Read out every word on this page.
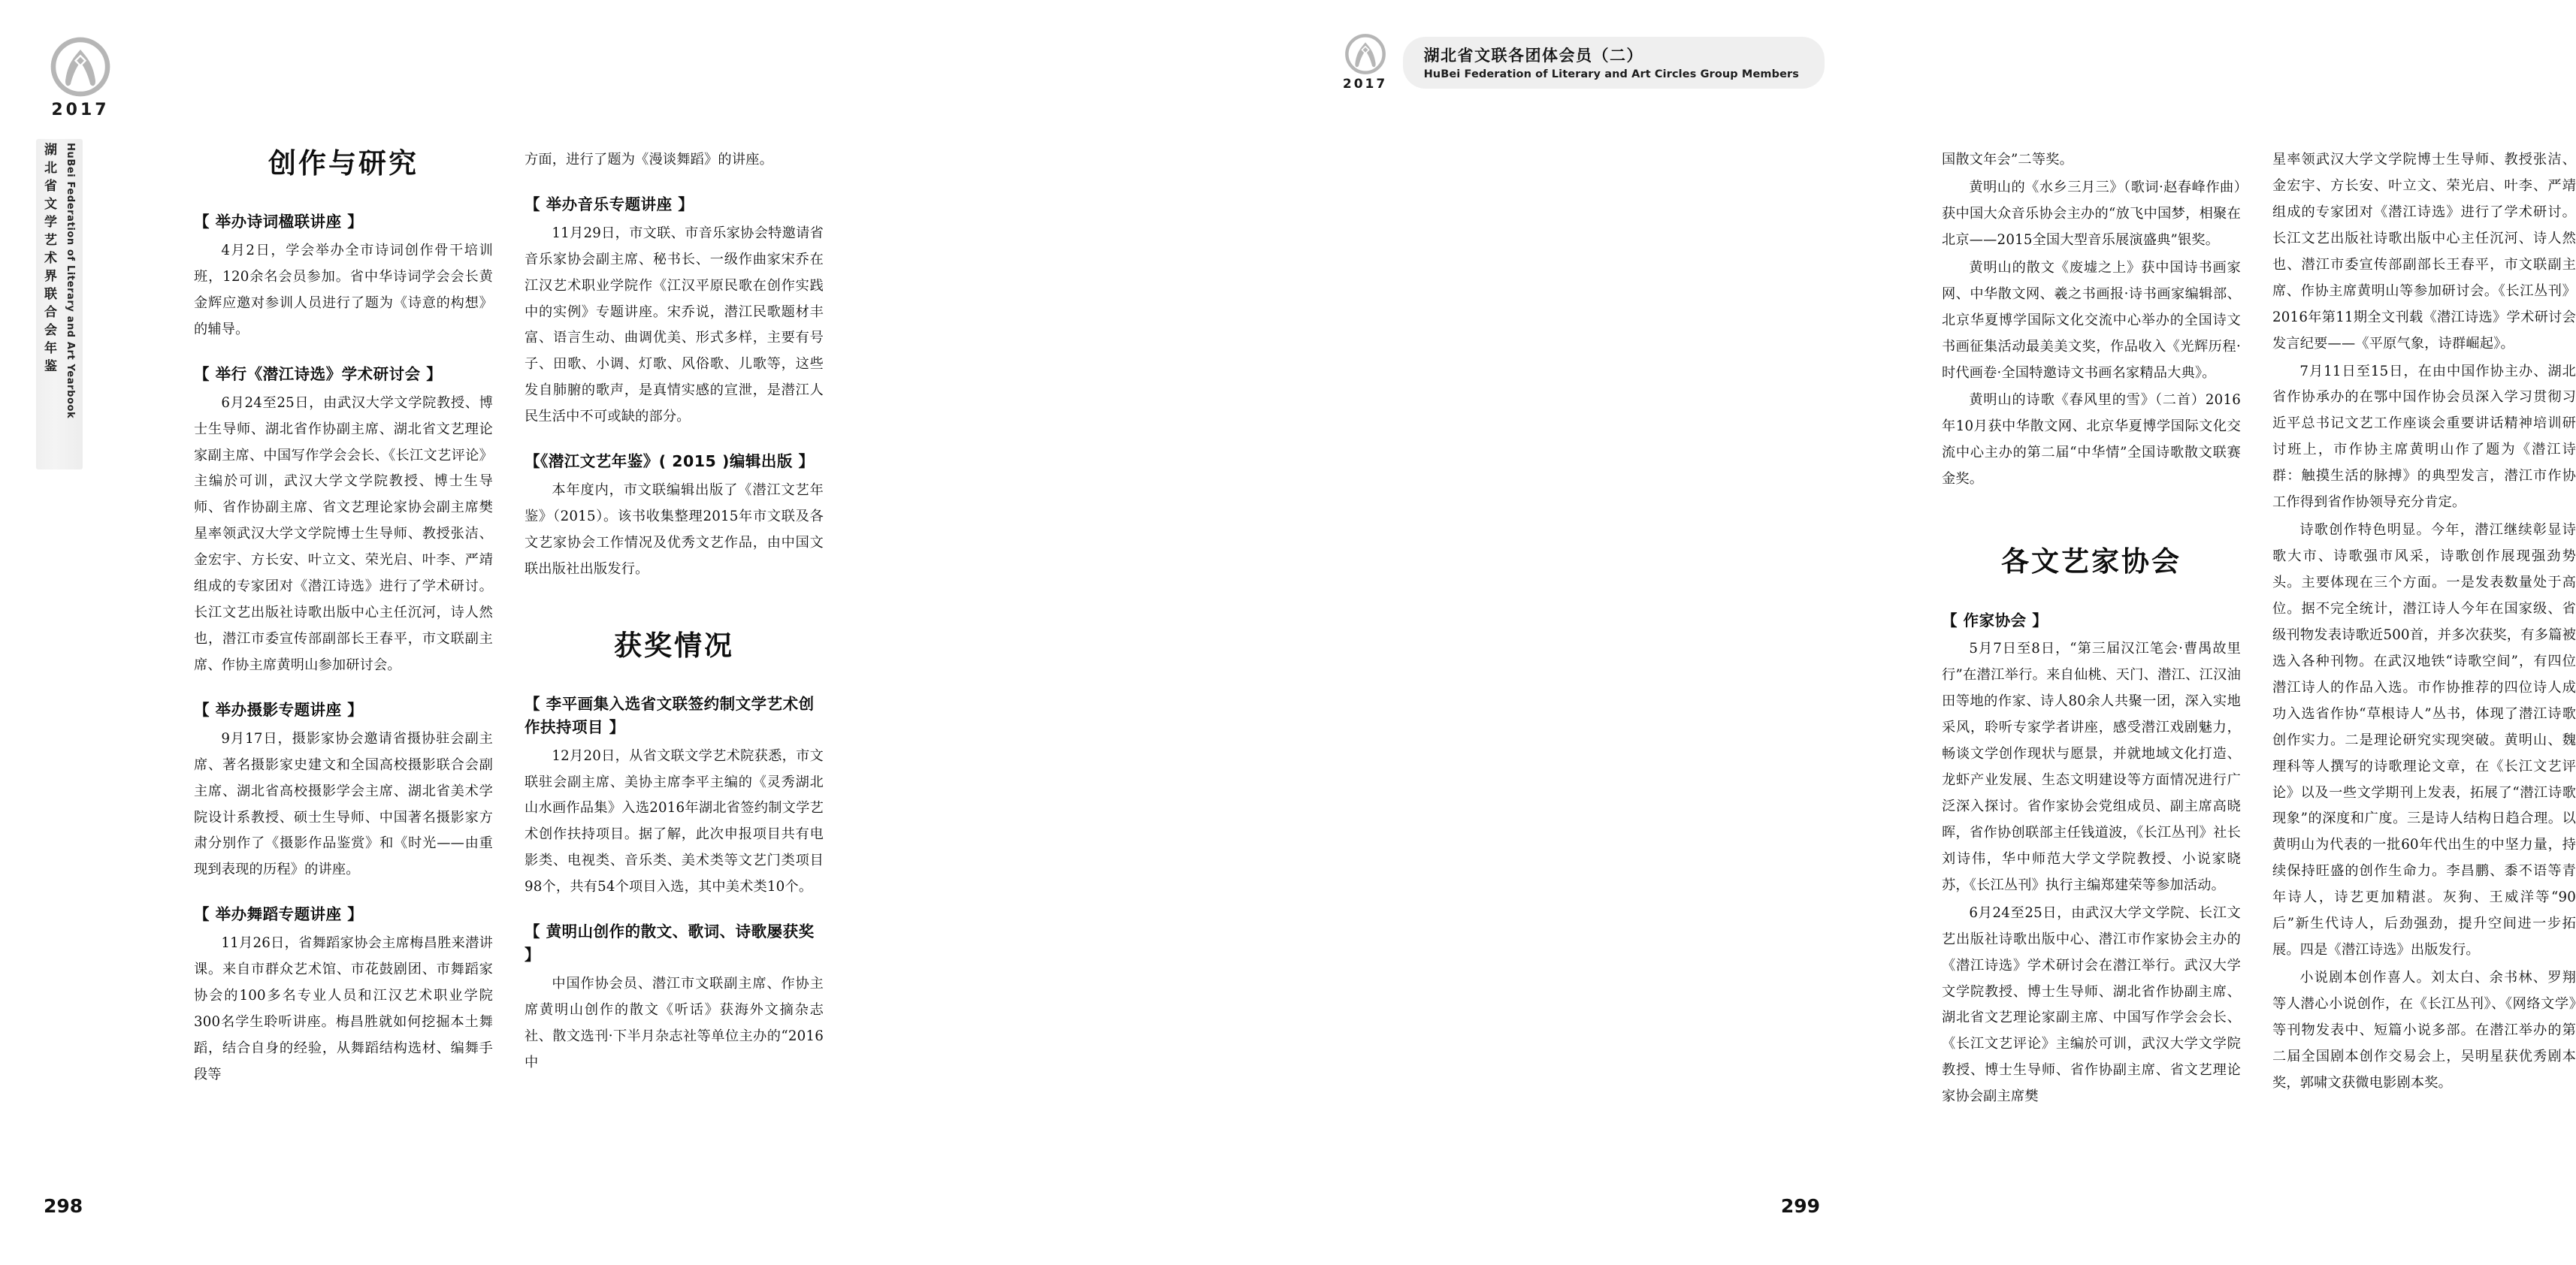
2017
湖北省文学艺术界联合会年鉴 HuBei Federation of Literary and Art Yearbook	创作与研究
【 举办诗词楹联讲座 】

4月2日，学会举办全市诗词创作骨干培训班，120余名会员参加。省中华诗词学会会长黄金辉应邀对参训人员进行了题为《诗意的构想》的辅导。

【 举行《潜江诗选》学术研讨会 】

6月24至25日，由武汉大学文学院教授、博士生导师、湖北省作协副主席、湖北省文艺理论家副主席、中国写作学会会长、《长江文艺评论》主编於可训，武汉大学文学院教授、博士生导师、省作协副主席、省文艺理论家协会副主席樊星率领武汉大学文学院博士生导师、教授张洁、金宏宇、方长安、叶立文、荣光启、叶李、严靖组成的专家团对《潜江诗选》进行了学术研讨。长江文艺出版社诗歌出版中心主任沉河，诗人然也，潜江市委宣传部副部长王春平，市文联副主席、作协主席黄明山参加研讨会。

【 举办摄影专题讲座 】

9月17日，摄影家协会邀请省摄协驻会副主席、著名摄影家史建文和全国高校摄影联合会副主席、湖北省高校摄影学会主席、湖北省美术学院设计系教授、硕士生导师、中国著名摄影家方肃分别作了《摄影作品鉴赏》和《时光——由重现到表现的历程》的讲座。

【 举办舞蹈专题讲座 】

11月26日，省舞蹈家协会主席梅昌胜来潜讲课。来自市群众艺术馆、市花鼓剧团、市舞蹈家协会的100多名专业人员和江汉艺术职业学院300名学生聆听讲座。梅昌胜就如何挖掘本土舞蹈，结合自身的经验，从舞蹈结构选材、编舞手段等

方面，进行了题为《漫谈舞蹈》的讲座。

【 举办音乐专题讲座 】

11月29日，市文联、市音乐家协会特邀请省音乐家协会副主席、秘书长、一级作曲家宋乔在江汉艺术职业学院作《江汉平原民歌在创作实践中的实例》专题讲座。宋乔说，潜江民歌题材丰富、语言生动、曲调优美、形式多样，主要有号子、田歌、小调、灯歌、风俗歌、儿歌等，这些发自肺腑的歌声，是真情实感的宣泄，是潜江人民生活中不可或缺的部分。

【《潜江文艺年鉴》( 2015 )编辑出版 】

本年度内，市文联编辑出版了《潜江文艺年鉴》（2015）。该书收集整理2015年市文联及各文艺家协会工作情况及优秀文艺作品，由中国文联出版社出版发行。

获奖情况
【 李平画集入选省文联签约制文学艺术创作扶持项目 】

12月20日，从省文联文学艺术院获悉，市文联驻会副主席、美协主席李平主编的《灵秀湖北山水画作品集》入选2016年湖北省签约制文学艺术创作扶持项目。据了解，此次申报项目共有电影类、电视类、音乐类、美术类等文艺门类项目98个，共有54个项目入选，其中美术类10个。

【 黄明山创作的散文、歌词、诗歌屡获奖 】

中国作协会员、潜江市文联副主席、作协主席黄明山创作的散文《听话》获海外文摘杂志社、散文选刊·下半月杂志社等单位主办的“2016中

298
2017
湖北省文联各团体会员（二）
HuBei Federation of Literary and Art Circles Group Members

国散文年会”二等奖。

黄明山的《水乡三月三》（歌词·赵春峰作曲）获中国大众音乐协会主办的“放飞中国梦，相聚在北京——2015全国大型音乐展演盛典”银奖。

黄明山的散文《废墟之上》获中国诗书画家网、中华散文网、羲之书画报·诗书画家编辑部、北京华夏博学国际文化交流中心举办的全国诗文书画征集活动最美美文奖，作品收入《光辉历程·时代画卷·全国特邀诗文书画名家精品大典》。

黄明山的诗歌《春风里的雪》（二首）2016年10月获中华散文网、北京华夏博学国际文化交流中心主办的第二届“中华情”全国诗歌散文联赛金奖。

各文艺家协会
【 作家协会 】

5月7日至8日，“第三届汉江笔会·曹禺故里行”在潜江举行。来自仙桃、天门、潜江、江汉油田等地的作家、诗人80余人共聚一团，深入实地采风，聆听专家学者讲座，感受潜江戏剧魅力，畅谈文学创作现状与愿景，并就地域文化打造、龙虾产业发展、生态文明建设等方面情况进行广泛深入探讨。省作家协会党组成员、副主席高晓晖，省作协创联部主任钱道波，《长江丛刊》社长刘诗伟，华中师范大学文学院教授、小说家晓苏，《长江丛刊》执行主编郑建荣等参加活动。

6月24至25日，由武汉大学文学院、长江文艺出版社诗歌出版中心、潜江市作家协会主办的《潜江诗选》学术研讨会在潜江举行。武汉大学文学院教授、博士生导师、湖北省作协副主席、湖北省文艺理论家副主席、中国写作学会会长、《长江文艺评论》主编於可训，武汉大学文学院教授、博士生导师、省作协副主席、省文艺理论家协会副主席樊

星率领武汉大学文学院博士生导师、教授张洁、金宏宇、方长安、叶立文、荣光启、叶李、严靖组成的专家团对《潜江诗选》进行了学术研讨。长江文艺出版社诗歌出版中心主任沉河、诗人然也、潜江市委宣传部副部长王春平，市文联副主席、作协主席黄明山等参加研讨会。《长江丛刊》2016年第11期全文刊载《潜江诗选》学术研讨会发言纪要——《平原气象，诗群崛起》。

7月11日至15日，在由中国作协主办、湖北省作协承办的在鄂中国作协会员深入学习贯彻习近平总书记文艺工作座谈会重要讲话精神培训研讨班上，市作协主席黄明山作了题为《潜江诗群：触摸生活的脉搏》的典型发言，潜江市作协工作得到省作协领导充分肯定。

诗歌创作特色明显。今年，潜江继续彰显诗歌大市、诗歌强市风采，诗歌创作展现强劲势头。主要体现在三个方面。一是发表数量处于高位。据不完全统计，潜江诗人今年在国家级、省级刊物发表诗歌近500首，并多次获奖，有多篇被选入各种刊物。在武汉地铁“诗歌空间”，有四位潜江诗人的作品入选。市作协推荐的四位诗人成功入选省作协“草根诗人”丛书，体现了潜江诗歌创作实力。二是理论研究实现突破。黄明山、魏理科等人撰写的诗歌理论文章，在《长江文艺评论》以及一些文学期刊上发表，拓展了“潜江诗歌现象”的深度和广度。三是诗人结构日趋合理。以黄明山为代表的一批60年代出生的中坚力量，持续保持旺盛的创作生命力。李昌鹏、黍不语等青年诗人，诗艺更加精湛。灰狗、王威洋等“90后”新生代诗人，后劲强劲，提升空间进一步拓展。四是《潜江诗选》出版发行。

小说剧本创作喜人。刘太白、余书林、罗翔等人潜心小说创作，在《长江丛刊》、《网络文学》等刊物发表中、短篇小说多部。在潜江举办的第二届全国剧本创作交易会上，吴明星获优秀剧本奖，郭啸文获微电影剧本奖。

299
